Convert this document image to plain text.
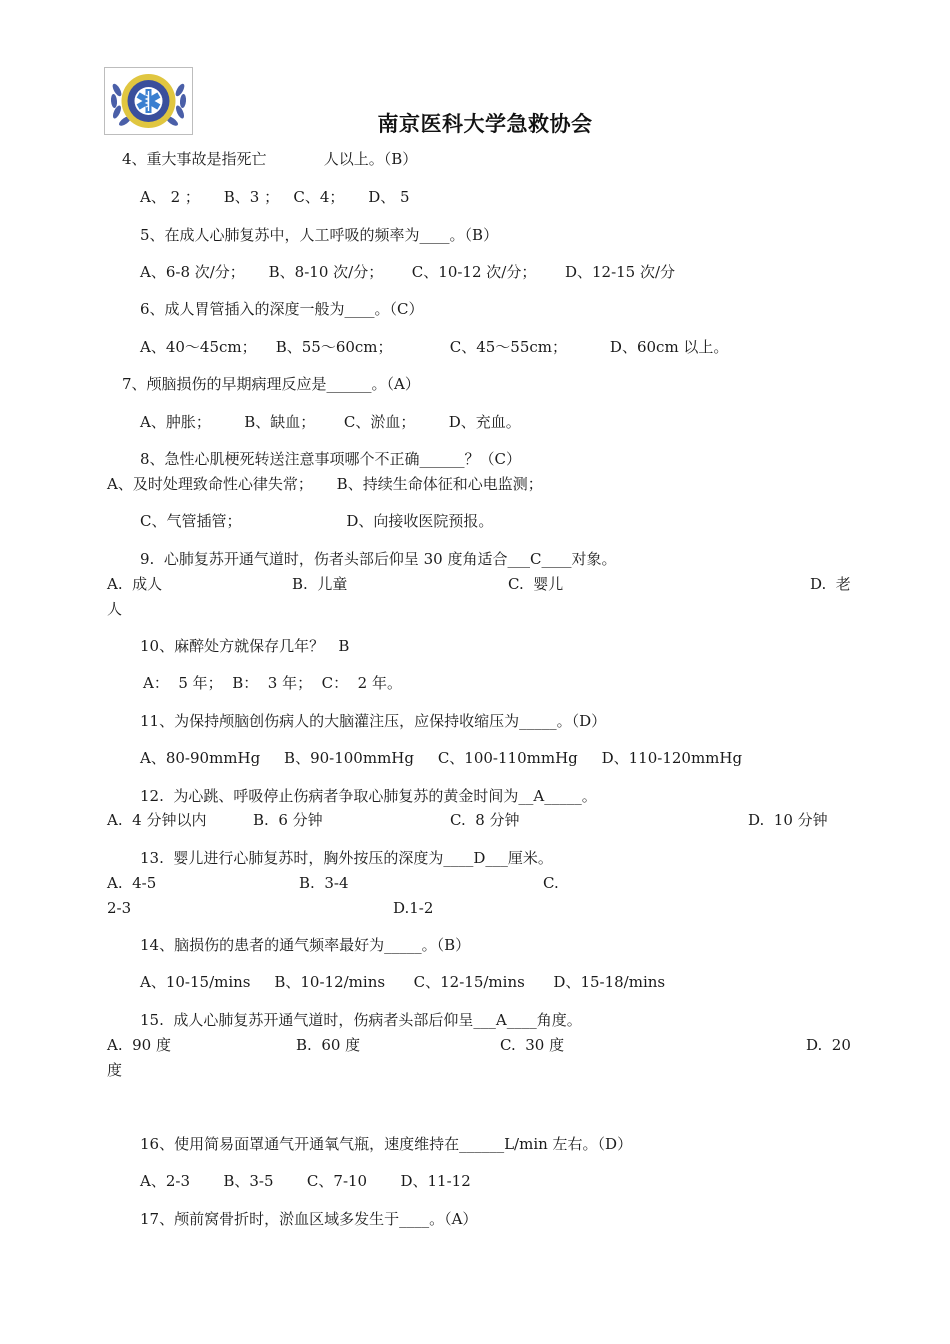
南京医科大学急救协会
4、重大事故是指死亡            人以上。（B）
A、 2 ；     B、3 ；   C、4；     D、 5
5、在成人心肺复苏中，人工呼吸的频率为____。（B）
A、6-8 次/分；     B、8-10 次/分；      C、10-12 次/分；      D、12-15 次/分
6、成人胃管插入的深度一般为____。（C）
A、40～45cm；    B、55～60cm；            C、45～55cm；         D、60cm 以上。
7、颅脑损伤的早期病理反应是______。（A）
A、肿胀；       B、缺血；      C、淤血；       D、充血。
8、急性心肌梗死转送注意事项哪个不正确______？（C）
A、及时处理致命性心律失常；     B、持续生命体征和心电监测；
C、气管插管；                      D、向接收医院预报。
9.  心肺复苏开通气道时，伤者头部后仰呈 30 度角适合___C____对象。
A.  成人	B.  儿童	C.  婴儿	D.  老
人
10、麻醉处方就保存几年？   B
A：  5 年；  B：  3 年；  C：  2 年。
11、为保持颅脑创伤病人的大脑灌注压，应保持收缩压为_____。（D）
A、80-90mmHg     B、90-100mmHg     C、100-110mmHg     D、110-120mmHg
12.  为心跳、呼吸停止伤病者争取心肺复苏的黄金时间为__A_____。
A.  4 分钟以内	B.  6 分钟	C.  8 分钟	D.  10 分钟
13.  婴儿进行心肺复苏时，胸外按压的深度为____D___厘米。
A.  4-5	B.  3-4	C.
2-3	D.1-2
14、脑损伤的患者的通气频率最好为_____。（B）
A、10-15/mins     B、10-12/mins      C、12-15/mins      D、15-18/mins
15.  成人心肺复苏开通气道时，伤病者头部后仰呈___A____角度。
A.  90 度	B.  60 度	C.  30 度	D.  20
度
16、使用简易面罩通气开通氧气瓶，速度维持在______L/min 左右。（D）
A、2-3       B、3-5       C、7-10       D、11-12
17、颅前窝骨折时，淤血区域多发生于____。（A）
